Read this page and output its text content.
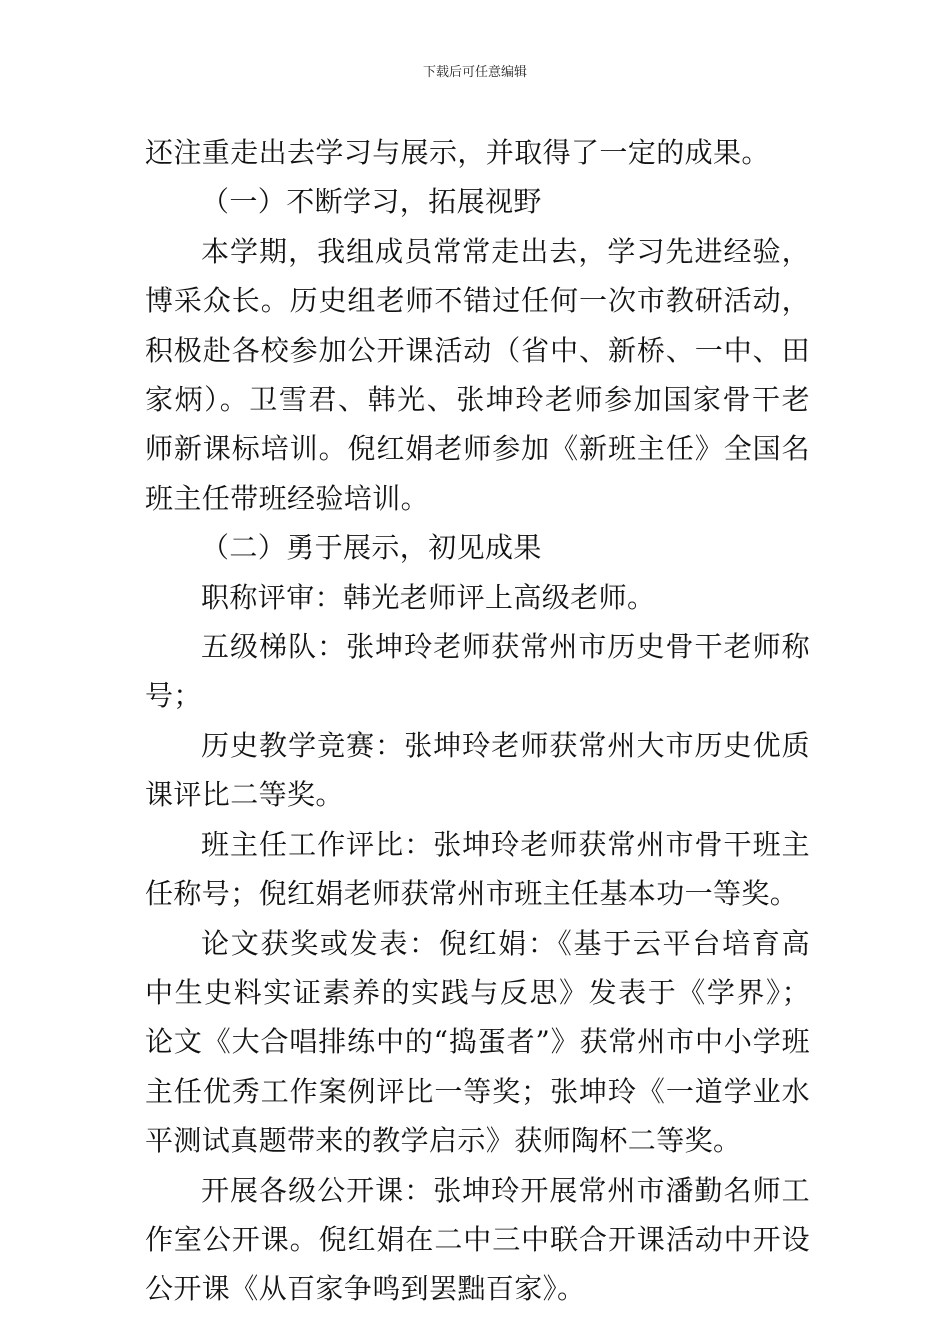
下载后可任意编辑

还注重走出去学习与展示，并取得了一定的成果。

（一）不断学习，拓展视野

本学期，我组成员常常走出去，学习先进经验，博采众长。历史组老师不错过任何一次市教研活动，积极赴各校参加公开课活动（省中、新桥、一中、田家炳）。卫雪君、韩光、张坤玲老师参加国家骨干老师新课标培训。倪红娟老师参加《新班主任》全国名班主任带班经验培训。

（二）勇于展示，初见成果

职称评审：韩光老师评上高级老师。

五级梯队：张坤玲老师获常州市历史骨干老师称号；

历史教学竞赛：张坤玲老师获常州大市历史优质课评比二等奖。

班主任工作评比：张坤玲老师获常州市骨干班主任称号；倪红娟老师获常州市班主任基本功一等奖。

论文获奖或发表：倪红娟：《基于云平台培育高中生史料实证素养的实践与反思》发表于《学界》；论文《大合唱排练中的“捣蛋者”》获常州市中小学班主任优秀工作案例评比一等奖；张坤玲《一道学业水平测试真题带来的教学启示》获师陶杯二等奖。

开展各级公开课：张坤玲开展常州市潘勤名师工作室公开课。倪红娟在二中三中联合开课活动中开设公开课《从百家争鸣到罢黜百家》。
